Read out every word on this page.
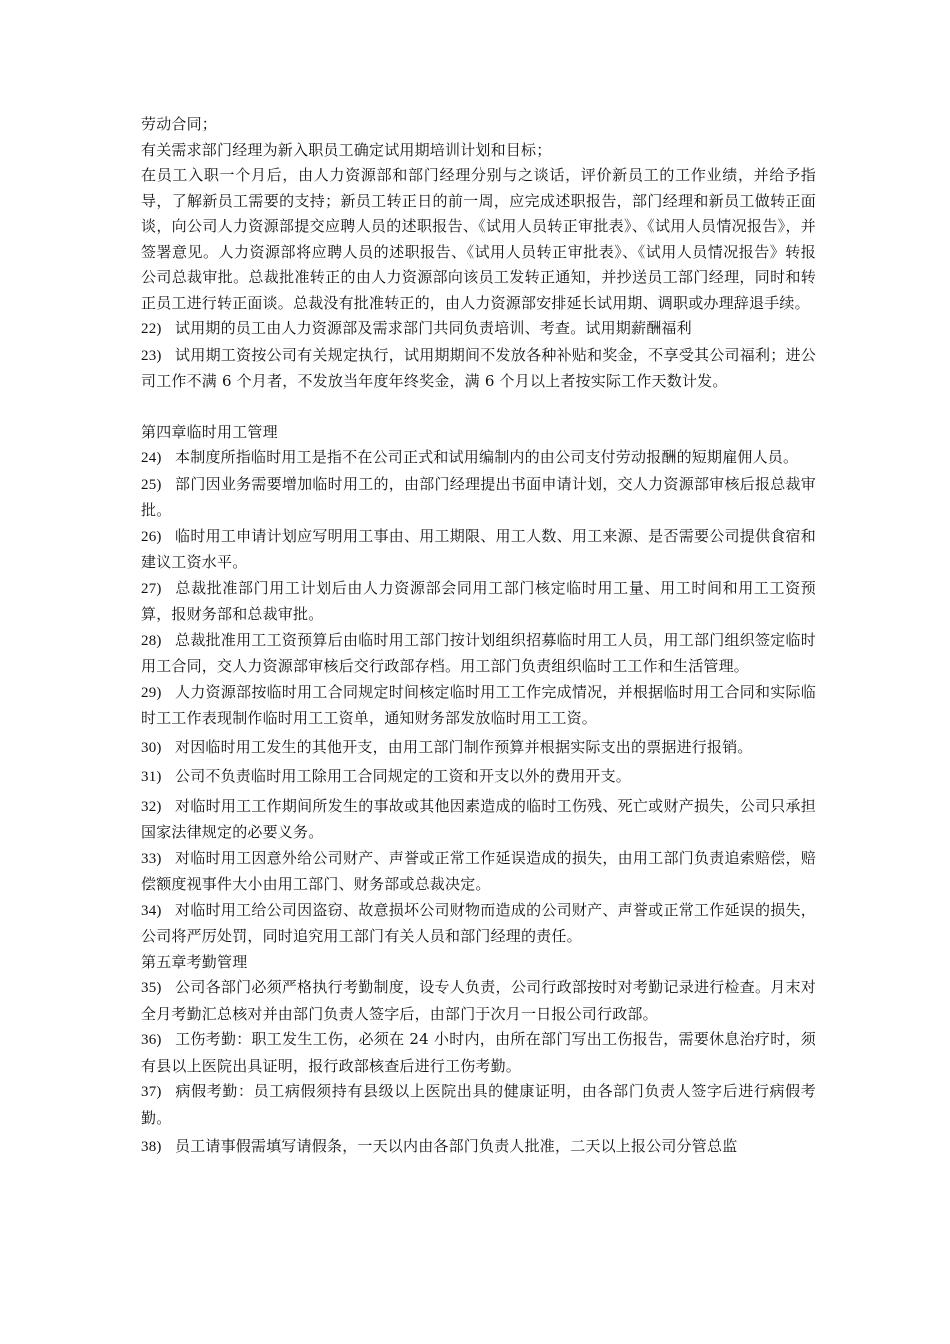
劳动合同；

有关需求部门经理为新入职员工确定试用期培训计划和目标；

在员工入职一个月后，由人力资源部和部门经理分别与之谈话，评价新员工的工作业绩，并给予指导，了解新员工需要的支持；新员工转正日的前一周，应完成述职报告，部门经理和新员工做转正面谈，向公司人力资源部提交应聘人员的述职报告、《试用人员转正审批表》、《试用人员情况报告》，并签署意见。人力资源部将应聘人员的述职报告、《试用人员转正审批表》、《试用人员情况报告》转报公司总裁审批。总裁批准转正的由人力资源部向该员工发转正通知，并抄送员工部门经理，同时和转正员工进行转正面谈。总裁没有批准转正的，由人力资源部安排延长试用期、调职或办理辞退手续。

22) 试用期的员工由人力资源部及需求部门共同负责培训、考查。试用期薪酬福利

23) 试用期工资按公司有关规定执行，试用期期间不发放各种补贴和奖金，不享受其公司福利；进公司工作不满 6 个月者，不发放当年度年终奖金，满 6 个月以上者按实际工作天数计发。

第四章临时用工管理

24) 本制度所指临时用工是指不在公司正式和试用编制内的由公司支付劳动报酬的短期雇佣人员。

25) 部门因业务需要增加临时用工的，由部门经理提出书面申请计划，交人力资源部审核后报总裁审批。

26) 临时用工申请计划应写明用工事由、用工期限、用工人数、用工来源、是否需要公司提供食宿和建议工资水平。

27) 总裁批准部门用工计划后由人力资源部会同用工部门核定临时用工量、用工时间和用工工资预算，报财务部和总裁审批。

28) 总裁批准用工工资预算后由临时用工部门按计划组织招募临时用工人员，用工部门组织签定临时用工合同，交人力资源部审核后交行政部存档。用工部门负责组织临时工工作和生活管理。

29) 人力资源部按临时用工合同规定时间核定临时用工工作完成情况，并根据临时用工合同和实际临时工工作表现制作临时用工工资单，通知财务部发放临时用工工资。

30) 对因临时用工发生的其他开支，由用工部门制作预算并根据实际支出的票据进行报销。

31) 公司不负责临时用工除用工合同规定的工资和开支以外的费用开支。

32) 对临时用工工作期间所发生的事故或其他因素造成的临时工伤残、死亡或财产损失，公司只承担国家法律规定的必要义务。

33) 对临时用工因意外给公司财产、声誉或正常工作延误造成的损失，由用工部门负责追索赔偿，赔偿额度视事件大小由用工部门、财务部或总裁决定。

34) 对临时用工给公司因盗窃、故意损坏公司财物而造成的公司财产、声誉或正常工作延误的损失，公司将严厉处罚，同时追究用工部门有关人员和部门经理的责任。

第五章考勤管理

35) 公司各部门必须严格执行考勤制度，设专人负责，公司行政部按时对考勤记录进行检查。月末对全月考勤汇总核对并由部门负责人签字后，由部门于次月一日报公司行政部。

36) 工伤考勤：职工发生工伤，必须在 24 小时内，由所在部门写出工伤报告，需要休息治疗时，须有县以上医院出具证明，报行政部核查后进行工伤考勤。

37) 病假考勤：员工病假须持有县级以上医院出具的健康证明，由各部门负责人签字后进行病假考勤。

38) 员工请事假需填写请假条，一天以内由各部门负责人批准，二天以上报公司分管总监
